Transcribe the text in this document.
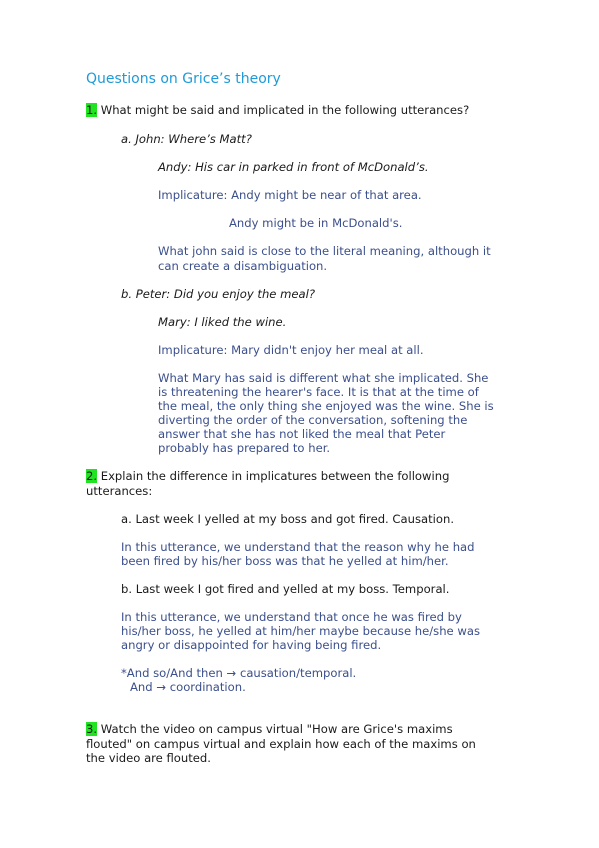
Questions on Grice’s theory
1. What might be said and implicated in the following utterances?
a. John: Where’s Matt?
Andy: His car in parked in front of McDonald’s.
Implicature: Andy might be near of that area.
Andy might be in McDonald's.
What john said is close to the literal meaning, although it
can create a disambiguation.
b. Peter: Did you enjoy the meal?
Mary: I liked the wine.
Implicature: Mary didn't enjoy her meal at all.
What Mary has said is different what she implicated. She
is threatening the hearer's face. It is that at the time of
the meal, the only thing she enjoyed was the wine. She is
diverting the order of the conversation, softening the
answer that she has not liked the meal that Peter
probably has prepared to her.
2. Explain the difference in implicatures between the following
utterances:
a. Last week I yelled at my boss and got fired. Causation.
In this utterance, we understand that the reason why he had
been fired by his/her boss was that he yelled at him/her.
b. Last week I got fired and yelled at my boss. Temporal.
In this utterance, we understand that once he was fired by
his/her boss, he yelled at him/her maybe because he/she was
angry or disappointed for having being fired.
*And so/And then → causation/temporal.
And → coordination.
3. Watch the video on campus virtual "How are Grice's maxims
flouted" on campus virtual and explain how each of the maxims on
the video are flouted.
